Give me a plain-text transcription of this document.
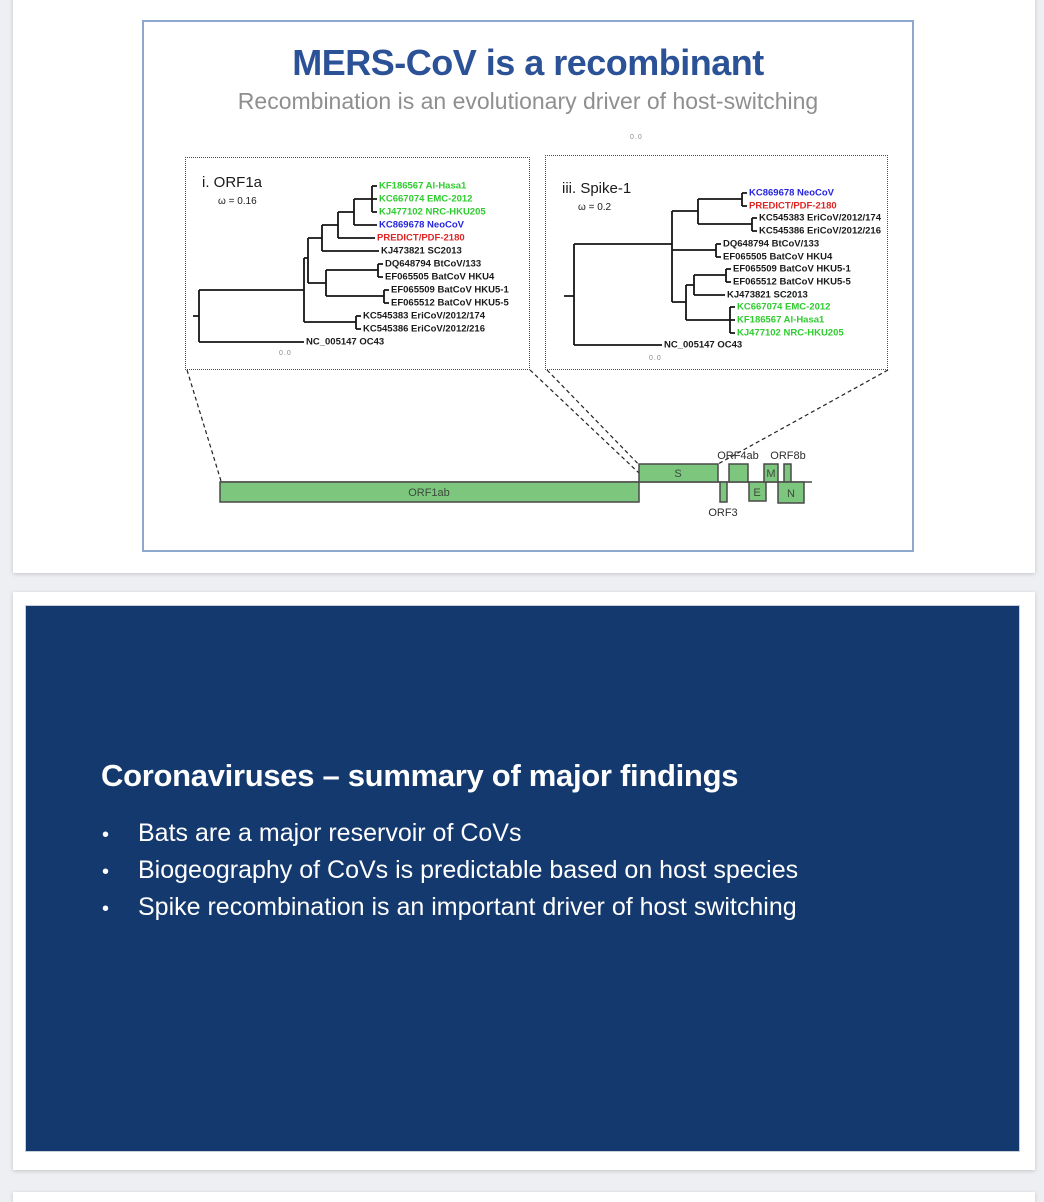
MERS-CoV is a recombinant
Recombination is an evolutionary driver of host-switching
KF186567 Al-Hasa1
KC667074 EMC-2012
KJ477102 NRC-HKU205
KC869678 NeoCoV
PREDICT/PDF-2180
KJ473821 SC2013
DQ648794 BtCoV/133
EF065505 BatCoV HKU4
EF065509 BatCoV HKU5-1
EF065512 BatCoV HKU5-5
KC545383 EriCoV/2012/174
KC545386 EriCoV/2012/216
NC_005147 OC43
i. ORF1a
ω = 0.16
0.0
KC869678 NeoCoV
PREDICT/PDF-2180
KC545383 EriCoV/2012/174
KC545386 EriCoV/2012/216
DQ648794 BtCoV/133
EF065505 BatCoV HKU4
EF065509 BatCoV HKU5-1
EF065512 BatCoV HKU5-5
KJ473821 SC2013
KC667074 EMC-2012
KF186567 Al-Hasa1
KJ477102 NRC-HKU205
NC_005147 OC43
iii. Spike-1
ω = 0.2
0.0
0.0
ORF1ab
S
ORF3
ORF4ab
E
M
ORF8b
N
Coronaviruses – summary of major findings
•	Bats are a major reservoir of CoVs
•	Biogeography of CoVs is predictable based on host species
•	Spike recombination is an important driver of host switching
